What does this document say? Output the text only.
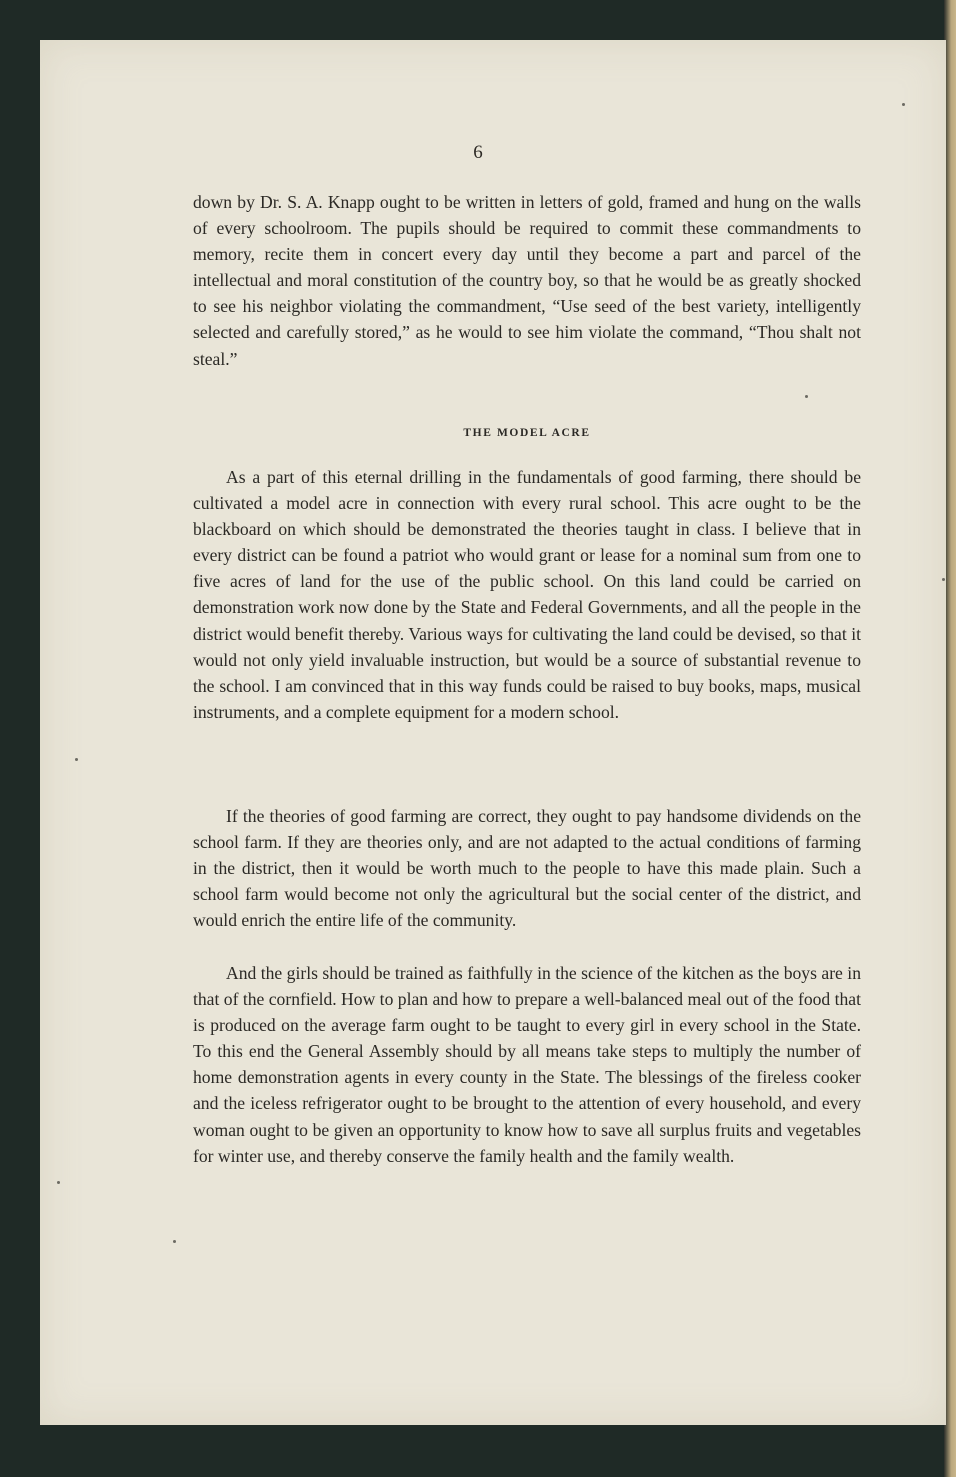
6

down by Dr. S. A. Knapp ought to be written in letters of gold, framed and hung on the walls of every schoolroom. The pupils should be required to commit these commandments to memory, recite them in concert every day until they become a part and parcel of the intellectual and moral constitution of the country boy, so that he would be as greatly shocked to see his neighbor violating the commandment, “Use seed of the best variety, intelligently selected and carefully stored,” as he would to see him violate the command, “Thou shalt not steal.”

THE MODEL ACRE

As a part of this eternal drilling in the fundamentals of good farming, there should be cultivated a model acre in connection with every rural school. This acre ought to be the blackboard on which should be demonstrated the theories taught in class. I believe that in every district can be found a patriot who would grant or lease for a nominal sum from one to five acres of land for the use of the public school. On this land could be carried on demonstration work now done by the State and Federal Governments, and all the people in the district would benefit thereby. Various ways for cultivating the land could be devised, so that it would not only yield invaluable instruction, but would be a source of substantial revenue to the school. I am convinced that in this way funds could be raised to buy books, maps, musical instruments, and a complete equipment for a modern school.

If the theories of good farming are correct, they ought to pay handsome dividends on the school farm. If they are theories only, and are not adapted to the actual conditions of farming in the district, then it would be worth much to the people to have this made plain. Such a school farm would become not only the agricultural but the social center of the district, and would enrich the entire life of the community.

And the girls should be trained as faithfully in the science of the kitchen as the boys are in that of the cornfield. How to plan and how to prepare a well-balanced meal out of the food that is produced on the average farm ought to be taught to every girl in every school in the State. To this end the General Assembly should by all means take steps to multiply the number of home demonstration agents in every county in the State. The blessings of the fireless cooker and the iceless refrigerator ought to be brought to the attention of every household, and every woman ought to be given an opportunity to know how to save all surplus fruits and vegetables for winter use, and thereby conserve the family health and the family wealth.
